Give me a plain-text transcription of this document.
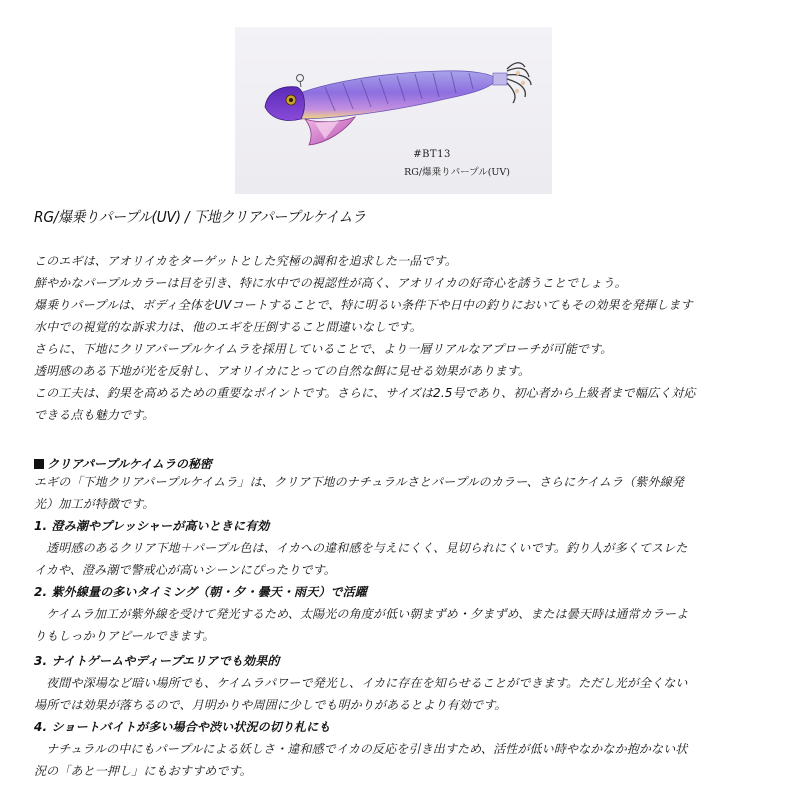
#BT13
RG/爆乗りパープル(UV)
RG/爆乗りパープル(UV) / 下地クリアパープルケイムラ
このエギは、アオリイカをターゲットとした究極の調和を追求した一品です。
鮮やかなパープルカラーは目を引き、特に水中での視認性が高く、アオリイカの好奇心を誘うことでしょう。
爆乗りパープルは、ボディ全体をUVコートすることで、特に明るい条件下や日中の釣りにおいてもその効果を発揮します
水中での視覚的な訴求力は、他のエギを圧倒すること間違いなしです。
さらに、下地にクリアパープルケイムラを採用していることで、より一層リアルなアプローチが可能です。
透明感のある下地が光を反射し、アオリイカにとっての自然な餌に見せる効果があります。
この工夫は、釣果を高めるための重要なポイントです。さらに、サイズは2.5号であり、初心者から上級者まで幅広く対応
できる点も魅力です。
クリアパープルケイムラの秘密
エギの「下地クリアパープルケイムラ」は、クリア下地のナチュラルさとパープルのカラー、さらにケイムラ（紫外線発
光）加工が特徴です。
1. 澄み潮やプレッシャーが高いときに有効
　透明感のあるクリア下地＋パープル色は、イカへの違和感を与えにくく、見切られにくいです。釣り人が多くてスレた
イカや、澄み潮で警戒心が高いシーンにぴったりです。
2. 紫外線量の多いタイミング（朝・夕・曇天・雨天）で活躍
　ケイムラ加工が紫外線を受けて発光するため、太陽光の角度が低い朝まずめ・夕まずめ、または曇天時は通常カラーよ
りもしっかりアピールできます。
3. ナイトゲームやディープエリアでも効果的
　夜間や深場など暗い場所でも、ケイムラパワーで発光し、イカに存在を知らせることができます。ただし光が全くない
場所では効果が落ちるので、月明かりや周囲に少しでも明かりがあるとより有効です。
4. ショートバイトが多い場合や渋い状況の切り札にも
　ナチュラルの中にもパープルによる妖しさ・違和感でイカの反応を引き出すため、活性が低い時やなかなか抱かない状
況の「あと一押し」にもおすすめです。
